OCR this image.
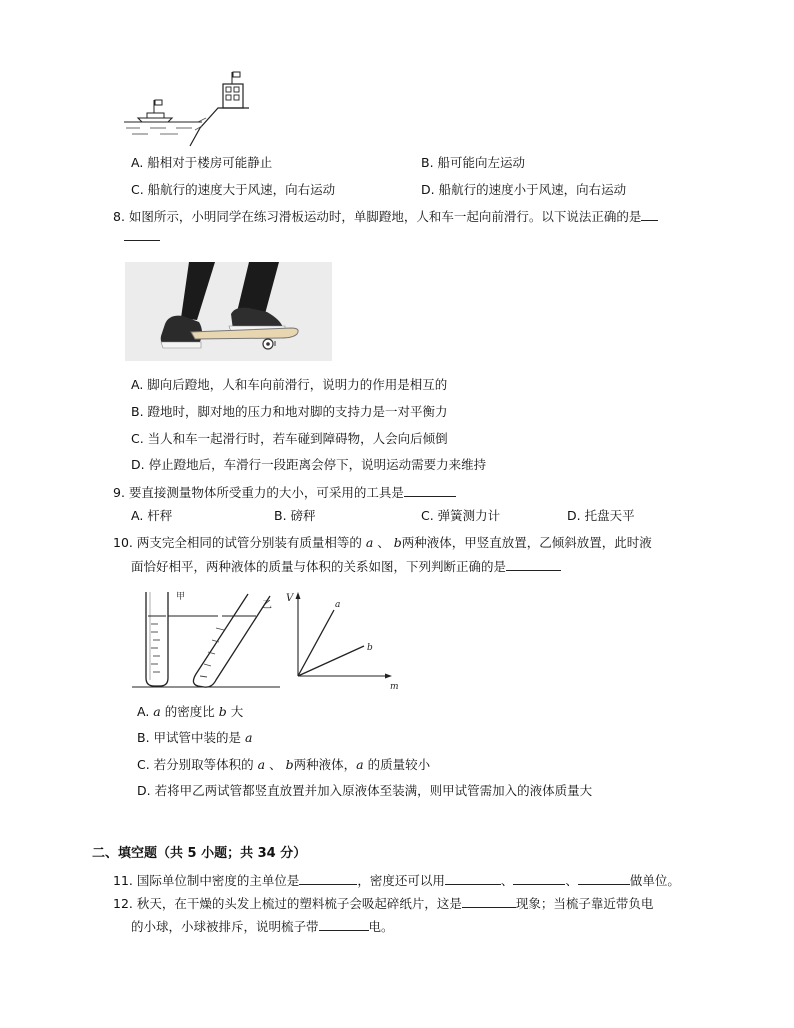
A. 船相对于楼房可能静止	B. 船可能向左运动
C. 船航行的速度大于风速，向右运动	D. 船航行的速度小于风速，向右运动
8. 如图所示，小明同学在练习滑板运动时，单脚蹬地，人和车一起向前滑行。以下说法正确的是
A. 脚向后蹬地，人和车向前滑行，说明力的作用是相互的
B. 蹬地时，脚对地的压力和地对脚的支持力是一对平衡力
C. 当人和车一起滑行时，若车碰到障碍物，人会向后倾倒
D. 停止蹬地后，车滑行一段距离会停下，说明运动需要力来维持
9. 要直接测量物体所受重力的大小，可采用的工具是
A. 杆秤	B. 磅秤	C. 弹簧测力计	D. 托盘天平
10. 两支完全相同的试管分别装有质量相等的 a 、 b两种液体，甲竖直放置，乙倾斜放置，此时液
面恰好相平，两种液体的质量与体积的关系如图，下列判断正确的是
甲
乙
V
a
b
m
A. a 的密度比 b 大
B. 甲试管中装的是 a
C. 若分别取等体积的 a 、 b两种液体，a 的质量较小
D. 若将甲乙两试管都竖直放置并加入原液体至装满，则甲试管需加入的液体质量大
二、填空题（共 5 小题；共 34 分）
11. 国际单位制中密度的主单位是	，密度还可以用	、	、	做单位。
12. 秋天，在干燥的头发上梳过的塑料梳子会吸起碎纸片，这是	现象；当梳子靠近带负电
的小球，小球被排斥，说明梳子带	电。
